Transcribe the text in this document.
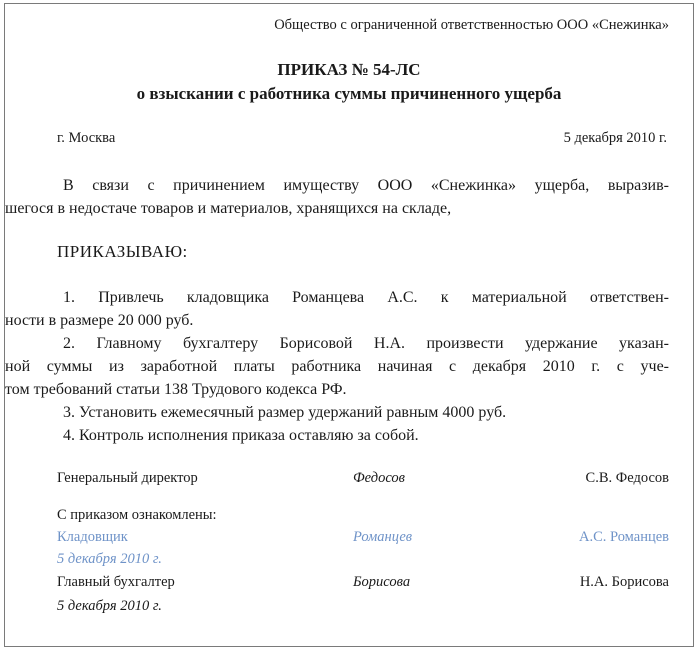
Общество с ограниченной ответственностью ООО «Снежинка»
ПРИКАЗ № 54-ЛС
о взыскании с работника суммы причиненного ущерба
г. Москва	5 декабря 2010 г.
В связи с причинением имуществу ООО «Снежинка» ущерба, выразив-
шегося в недостаче товаров и материалов, хранящихся на складе,
ПРИКАЗЫВАЮ:
1. Привлечь кладовщика Романцева А.С. к материальной ответствен-
ности в размере 20 000 руб.
2. Главному бухгалтеру Борисовой Н.А. произвести удержание указан-
ной суммы из заработной платы работника начиная с декабря 2010 г. с уче-
том требований статьи 138 Трудового кодекса РФ.
3. Установить ежемесячный размер удержаний равным 4000 руб.
4. Контроль исполнения приказа оставляю за собой.
Генеральный директор	Федосов	С.В. Федосов
С приказом ознакомлены:
Кладовщик	Романцев	А.С. Романцев
5 декабря 2010 г.
Главный бухгалтер	Борисова	Н.А. Борисова
5 декабря 2010 г.
